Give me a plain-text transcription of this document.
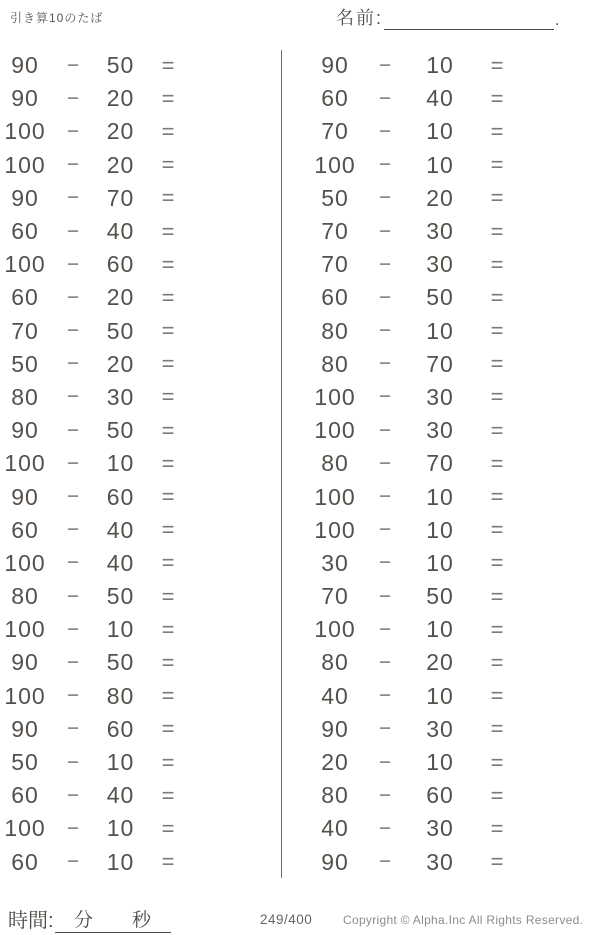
引き算10のたば	名前:	.
90	−	50	=
90	−	20	=
100	−	20	=
100	−	20	=
90	−	70	=
60	−	40	=
100	−	60	=
60	−	20	=
70	−	50	=
50	−	20	=
80	−	30	=
90	−	50	=
100	−	10	=
90	−	60	=
60	−	40	=
100	−	40	=
80	−	50	=
100	−	10	=
90	−	50	=
100	−	80	=
90	−	60	=
50	−	10	=
60	−	40	=
100	−	10	=
60	−	10	=
90	−	10	=
60	−	40	=
70	−	10	=
100	−	10	=
50	−	20	=
70	−	30	=
70	−	30	=
60	−	50	=
80	−	10	=
80	−	70	=
100	−	30	=
100	−	30	=
80	−	70	=
100	−	10	=
100	−	10	=
30	−	10	=
70	−	50	=
100	−	10	=
80	−	20	=
40	−	10	=
90	−	30	=
20	−	10	=
80	−	60	=
40	−	30	=
90	−	30	=
時間: 分 秒	249/400	Copyright © Alpha.Inc All Rights Reserved.
